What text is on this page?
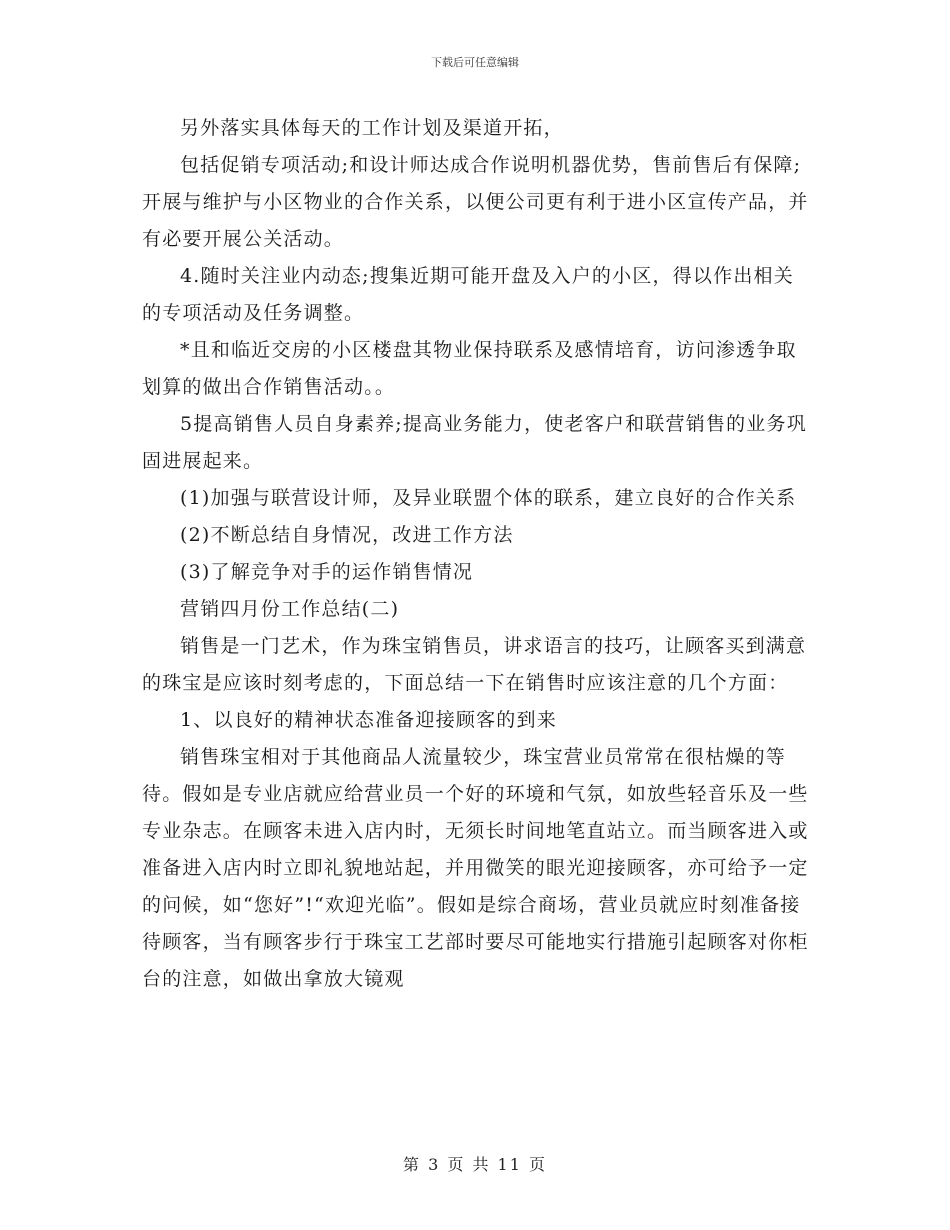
下载后可任意编辑

另外落实具体每天的工作计划及渠道开拓，

包括促销专项活动;和设计师达成合作说明机器优势，售前售后有保障;开展与维护与小区物业的合作关系，以便公司更有利于进小区宣传产品，并有必要开展公关活动。

4.随时关注业内动态;搜集近期可能开盘及入户的小区，得以作出相关的专项活动及任务调整。

*且和临近交房的小区楼盘其物业保持联系及感情培育，访问渗透争取划算的做出合作销售活动。。

5提高销售人员自身素养;提高业务能力，使老客户和联营销售的业务巩固进展起来。

(1)加强与联营设计师，及异业联盟个体的联系，建立良好的合作关系

(2)不断总结自身情况，改进工作方法

(3)了解竞争对手的运作销售情况

营销四月份工作总结(二)

销售是一门艺术，作为珠宝销售员，讲求语言的技巧，让顾客买到满意的珠宝是应该时刻考虑的，下面总结一下在销售时应该注意的几个方面：

1、以良好的精神状态准备迎接顾客的到来

销售珠宝相对于其他商品人流量较少，珠宝营业员常常在很枯燥的等待。假如是专业店就应给营业员一个好的环境和气氛，如放些轻音乐及一些专业杂志。在顾客未进入店内时，无须长时间地笔直站立。而当顾客进入或准备进入店内时立即礼貌地站起，并用微笑的眼光迎接顾客，亦可给予一定的问候，如“您好”!“欢迎光临”。假如是综合商场，营业员就应时刻准备接待顾客，当有顾客步行于珠宝工艺部时要尽可能地实行措施引起顾客对你柜台的注意，如做出拿放大镜观

第 3 页 共 11 页
